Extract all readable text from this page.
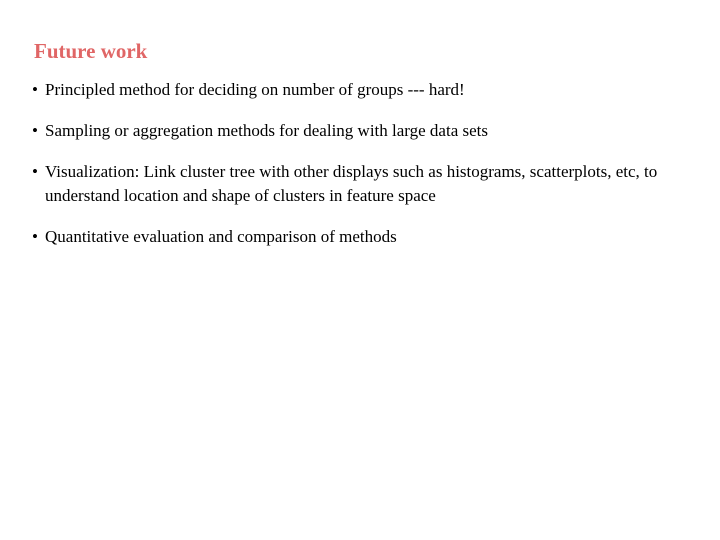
Future work
• Principled method for deciding on number of groups --- hard!
• Sampling or aggregation methods for dealing with large data sets
• Visualization: Link cluster tree with other displays such as histograms, scatterplots, etc, to understand location and shape of clusters in feature space
• Quantitative evaluation and comparison of methods
